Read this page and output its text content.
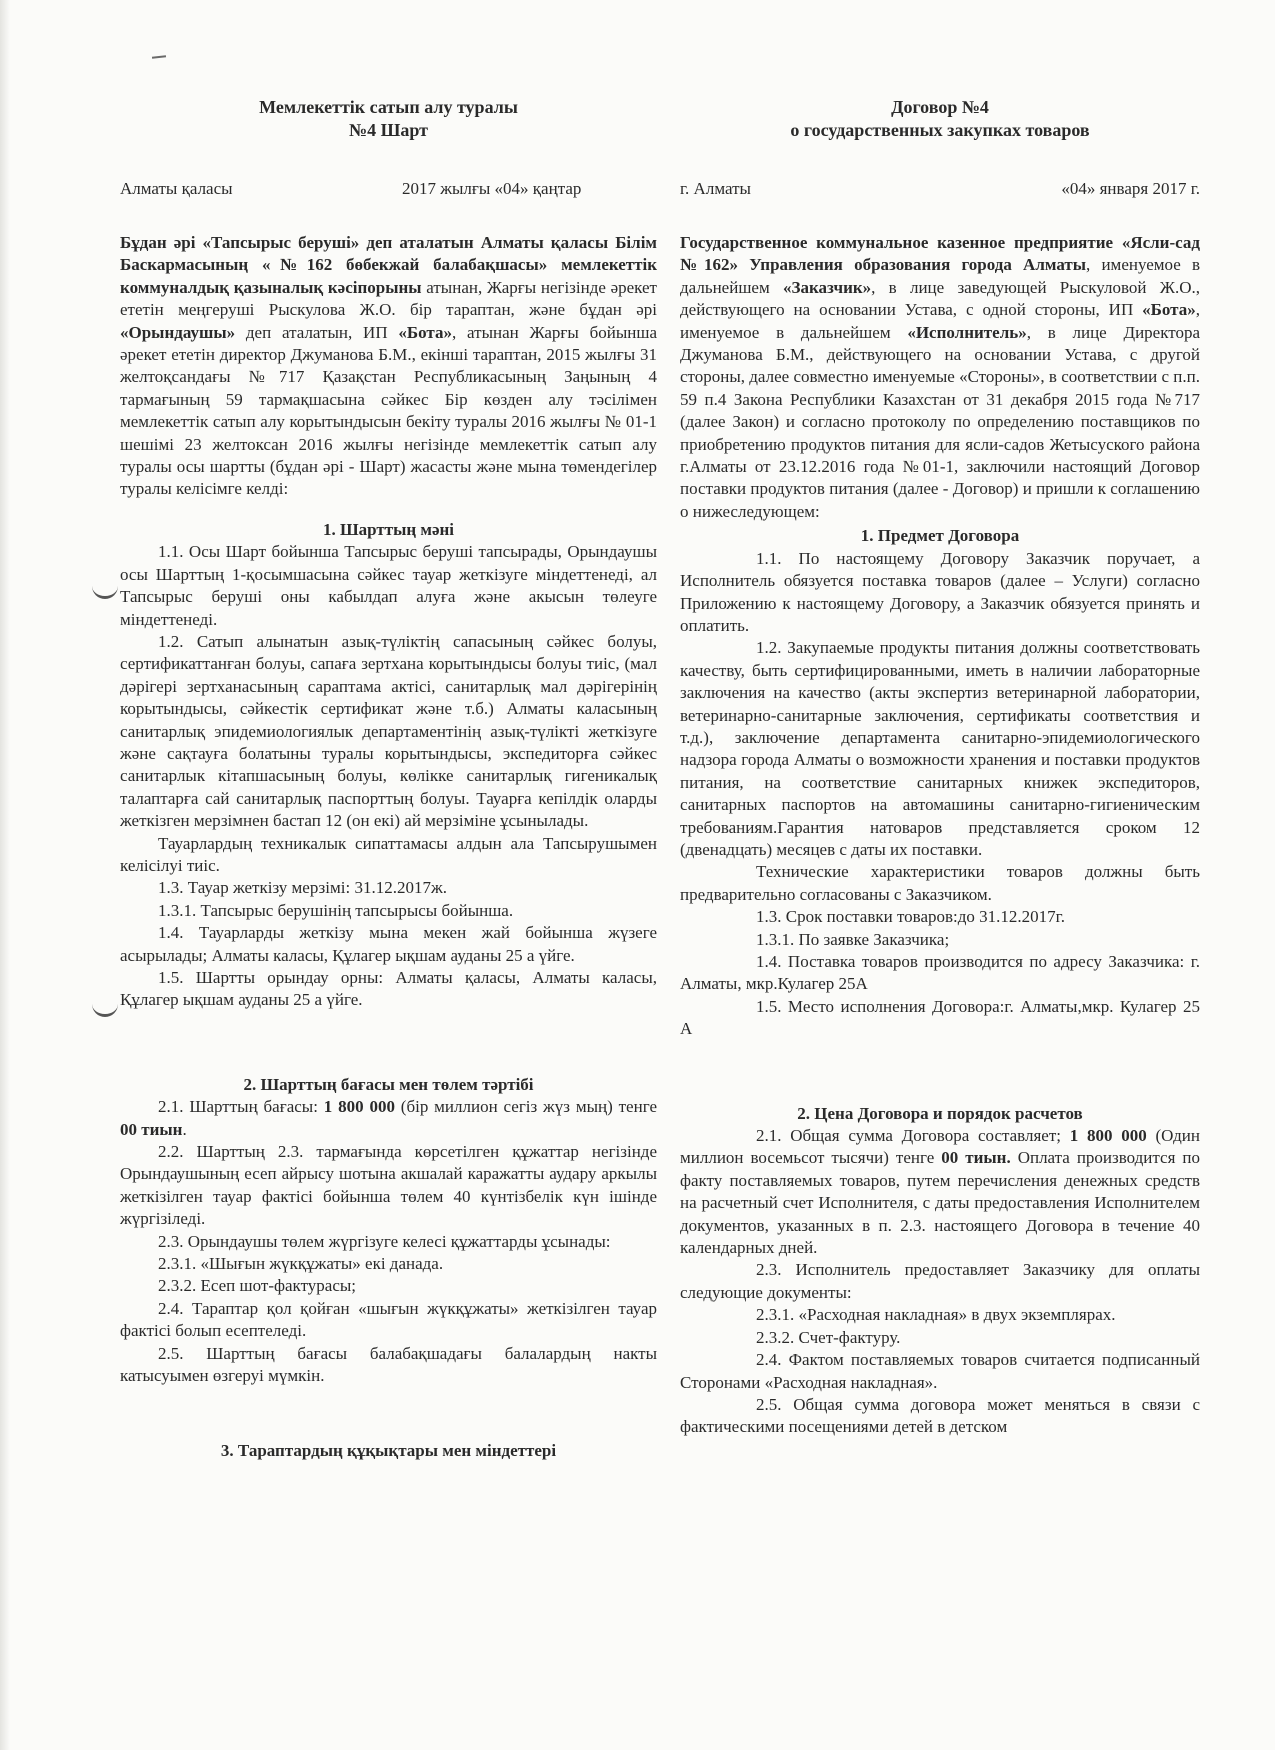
Мемлекеттік сатып алу туралы
№4 Шарт
Алматы қаласы	2017 жылғы «04» қаңтар

Бұдан әрі «Тапсырыс беруші» деп аталатын Алматы қаласы Білім Баскармасының «№162 бөбекжай балабақшасы» мемлекеттік коммуналдық қазыналық кәсіпорыны атынан, Жарғы негізінде әрекет ететін меңгеруші Рыскулова Ж.О. бір тараптан, және бұдан әрі «Орындаушы» деп аталатын, ИП «Бота», атынан Жарғы бойынша әрекет ететін директор Джуманова Б.М., екінші тараптан, 2015 жылғы 31 желтоқсандағы №717 Қазақстан Республикасының Заңының 4 тармағының 59 тармақшасына сәйкес Бір көзден алу тәсілімен мемлекеттік сатып алу корытындысын бекіту туралы 2016 жылғы № 01-1 шешімі 23 желтоксан 2016 жылғы негізінде мемлекеттік сатып алу туралы осы шартты (бұдан әрі - Шарт) жасасты және мына төмендегілер туралы келісімге келді:

1. Шарттың мәні

1.1. Осы Шарт бойынша Тапсырыс беруші тапсырады, Орындаушы осы Шарттың 1-қосымшасына сәйкес тауар жеткізуге міндеттенеді, ал Тапсырыс беруші оны кабылдап алуға және акысын төлеуге міндеттенеді.

1.2. Сатып алынатын азық-түліктің сапасының сәйкес болуы, сертификаттанған болуы, сапаға зертхана корытындысы болуы тиіс, (мал дәрігері зертханасының сараптама актісі, санитарлық мал дәрігерінің корытындысы, сәйкестік сертификат және т.б.) Алматы каласының санитарлық эпидемиологиялык департаментінің азық-түлікті жеткізуге және сақтауға болатыны туралы корытындысы, экспедиторға сәйкес санитарлык кітапшасының болуы, көлікке санитарлық гигеникалық талаптарға сай санитарлық паспорттың болуы. Тауарға кепілдік оларды жеткізген мерзімнен бастап 12 (он екі) ай мерзіміне ұсынылады.

Тауарлардың техникалык сипаттамасы алдын ала Тапсырушымен келісілуі тиіс.

1.3. Тауар жеткізу мерзімі: 31.12.2017ж.

1.3.1. Тапсырыс берушінің тапсырысы бойынша.

1.4. Тауарларды жеткізу мына мекен жай бойынша жүзеге асырылады; Алматы каласы, Құлагер ықшам ауданы 25 а үйге.

1.5. Шартты орындау орны: Алматы қаласы, Алматы каласы, Құлагер ықшам ауданы 25 а үйге.

2. Шарттың бағасы мен төлем тәртібі

2.1. Шарттың бағасы: 1 800 000 (бір миллион сегіз жүз мың) тенге 00 тиын.

2.2. Шарттың 2.3. тармағында көрсетілген құжаттар негізінде Орындаушының есеп айрысу шотына акшалай каражатты аудару аркылы жеткізілген тауар фактісі бойынша төлем 40 күнтізбелік күн ішінде жүргізіледі.

2.3. Орындаушы төлем жүргізуге келесі құжаттарды ұсынады:

2.3.1. «Шығын жүкқұжаты» екі данада.

2.3.2. Есеп шот-фактурасы;

2.4. Тараптар қол қойған «шығын жүкқұжаты» жеткізілген тауар фактісі болып есептеледі.

2.5. Шарттың бағасы балабақшадағы балалардың накты катысуымен өзгеруі мүмкін.

3. Тараптардың құқықтары мен міндеттері
Договор №4
о государственных закупках товаров
г. Алматы	«04» января 2017 г.

Государственное коммунальное казенное предприятие «Ясли-сад №162» Управления образования города Алматы, именуемое в дальнейшем «Заказчик», в лице заведующей Рыскуловой Ж.О., действующего на основании Устава, с одной стороны, ИП «Бота», именуемое в дальнейшем «Исполнитель», в лице Директора Джуманова Б.М., действующего на основании Устава, с другой стороны, далее совместно именуемые «Стороны», в соответствии с п.п. 59 п.4 Закона Республики Казахстан от 31 декабря 2015 года №717 (далее Закон) и согласно протоколу по определению поставщиков по приобретению продуктов питания для ясли-садов Жетысуского района г.Алматы от 23.12.2016 года №01-1, заключили настоящий Договор поставки продуктов питания (далее - Договор) и пришли к соглашению о нижеследующем:

1. Предмет Договора

1.1. По настоящему Договору Заказчик поручает, а Исполнитель обязуется поставка товаров (далее – Услуги) согласно Приложению к настоящему Договору, а Заказчик обязуется принять и оплатить.

1.2. Закупаемые продукты питания должны соответствовать качеству, быть сертифицированными, иметь в наличии лабораторные заключения на качество (акты экспертиз ветеринарной лаборатории, ветеринарно-санитарные заключения, сертификаты соответствия и т.д.), заключение департамента санитарно-эпидемиологического надзора города Алматы о возможности хранения и поставки продуктов питания, на соответствие санитарных книжек экспедиторов, санитарных паспортов на автомашины санитарно-гигиеническим требованиям.Гарантия натоваров представляется сроком 12 (двенадцать) месяцев с даты их поставки.

Технические характеристики товаров должны быть предварительно согласованы с Заказчиком.

1.3. Срок поставки товаров:до 31.12.2017г.

1.3.1. По заявке Заказчика;

1.4. Поставка товаров производится по адресу Заказчика: г. Алматы, мкр.Кулагер 25А

1.5. Место исполнения Договора:г. Алматы,мкр. Кулагер 25 А

2. Цена Договора и порядок расчетов

2.1. Общая сумма Договора составляет; 1 800 000 (Один миллион восемьсот тысячи) тенге 00 тиын. Оплата производится по факту поставляемых товаров, путем перечисления денежных средств на расчетный счет Исполнителя, с даты предоставления Исполнителем документов, указанных в п. 2.3. настоящего Договора в течение 40 календарных дней.

2.3. Исполнитель предоставляет Заказчику для оплаты следующие документы:

2.3.1. «Расходная накладная» в двух экземплярах.

2.3.2. Счет-фактуру.

2.4. Фактом поставляемых товаров считается подписанный Сторонами «Расходная накладная».

2.5. Общая сумма договора может меняться в связи с фактическими посещениями детей в детском
